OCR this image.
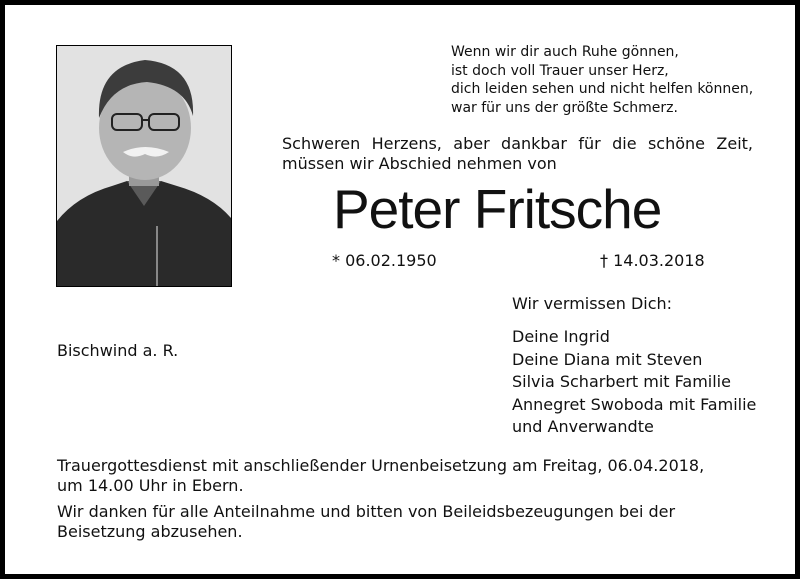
Wenn wir dir auch Ruhe gönnen,
ist doch voll Trauer unser Herz,
dich leiden sehen und nicht helfen können,
war für uns der größte Schmerz.
Schweren Herzens, aber dankbar für die schöne Zeit,
müssen wir Abschied nehmen von
Peter Fritsche
* 06.02.1950	† 14.03.2018
Bischwind a. R.
Wir vermissen Dich:
Deine Ingrid
Deine Diana mit Steven
Silvia Scharbert mit Familie
Annegret Swoboda mit Familie
und Anverwandte
Trauergottesdienst mit anschließender Urnenbeisetzung am Freitag, 06.04.2018,
um 14.00 Uhr in Ebern.
Wir danken für alle Anteilnahme und bitten von Beileidsbezeugungen bei der Beisetzung abzusehen.
